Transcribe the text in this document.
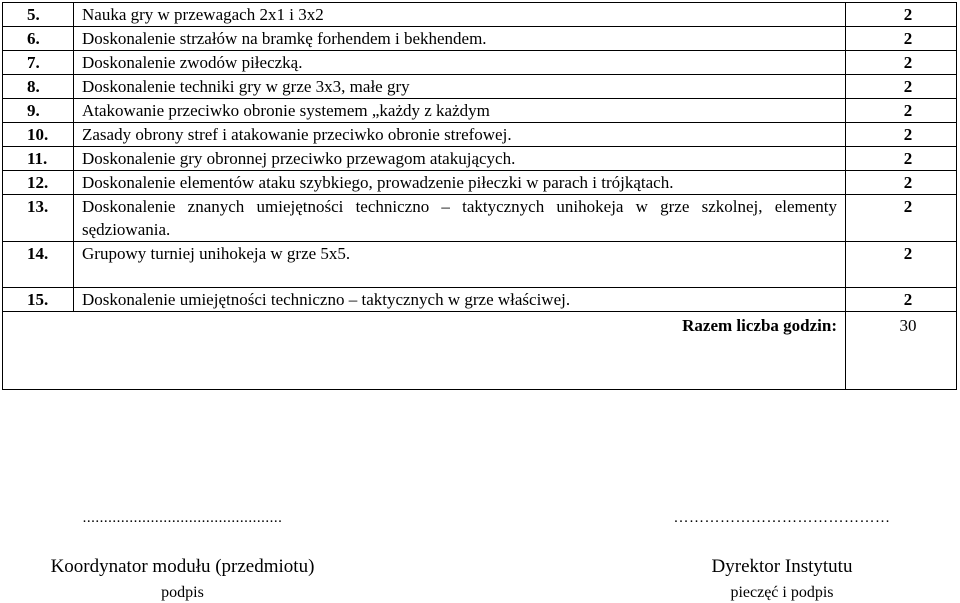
5.	Nauka gry w przewagach 2x1 i 3x2	2
6.	Doskonalenie strzałów na bramkę forhendem i bekhendem.	2
7.	Doskonalenie zwodów piłeczką.	2
8.	Doskonalenie techniki gry w grze 3x3, małe gry	2
9.	Atakowanie przeciwko obronie systemem „każdy z każdym	2
10.	Zasady obrony stref i atakowanie przeciwko obronie strefowej.	2
11.	Doskonalenie gry obronnej przeciwko przewagom atakujących.	2
12.	Doskonalenie elementów ataku szybkiego, prowadzenie piłeczki w parach i trójkątach.	2
13.	Doskonalenie znanych umiejętności techniczno – taktycznych unihokeja w grze szkolnej, elementy sędziowania.	2
14.	Grupowy turniej unihokeja w grze 5x5.	2
15.	Doskonalenie umiejętności techniczno – taktycznych w grze właściwej.	2
Razem liczba godzin:		30
...............................................
Koordynator modułu (przedmiotu)
podpis
……………………………………
Dyrektor Instytutu
pieczęć i podpis
